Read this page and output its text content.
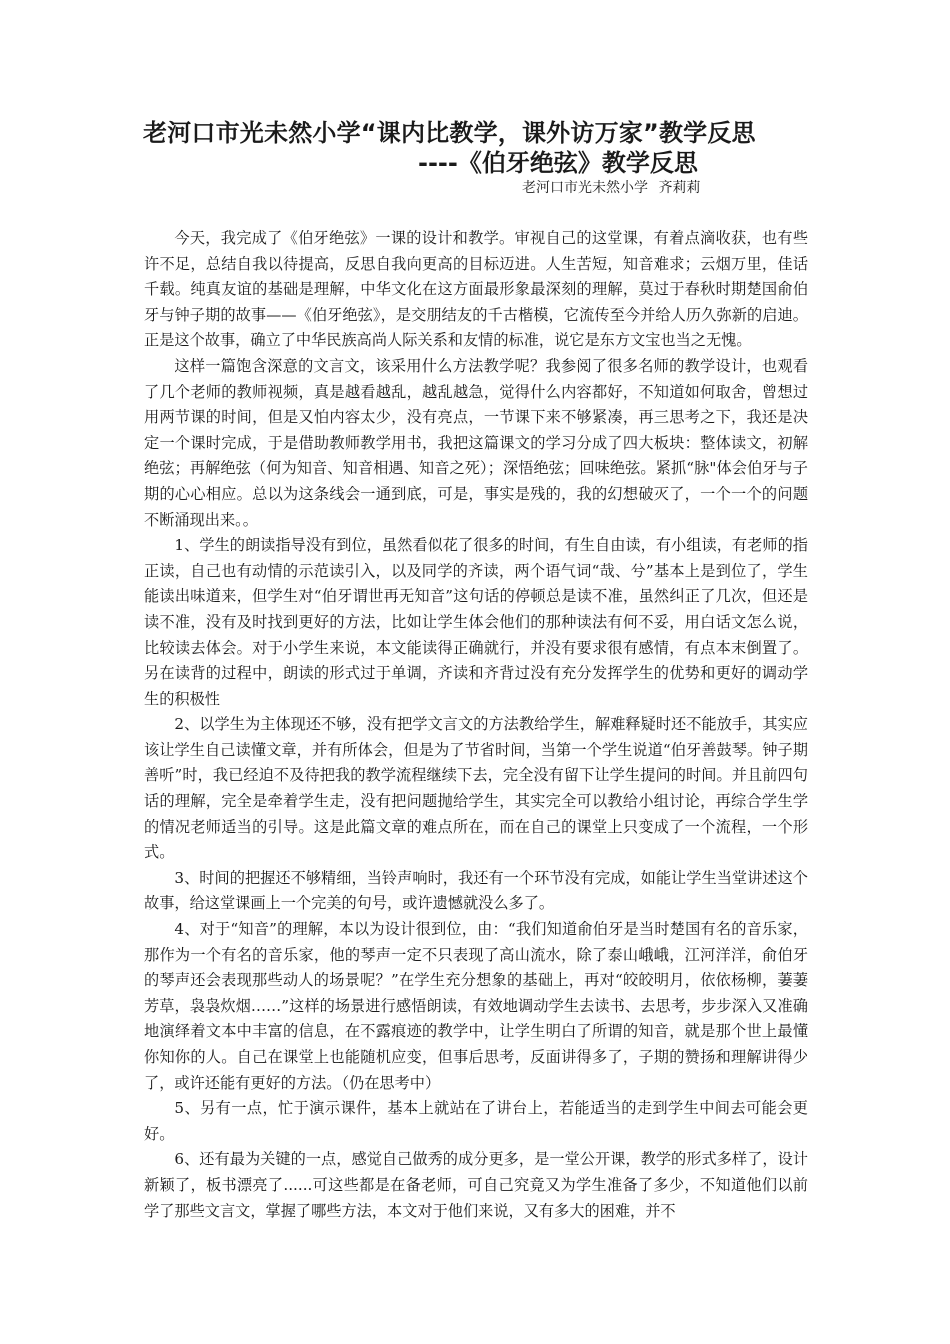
老河口市光未然小学“课内比教学，课外访万家”教学反思
----《伯牙绝弦》教学反思
老河口市光未然小学 齐莉莉

今天，我完成了《伯牙绝弦》一课的设计和教学。审视自己的这堂课，有着点滴收获，也有些许不足，总结自我以待提高，反思自我向更高的目标迈进。人生苦短，知音难求；云烟万里，佳话千载。纯真友谊的基础是理解，中华文化在这方面最形象最深刻的理解，莫过于春秋时期楚国俞伯牙与钟子期的故事——《伯牙绝弦》，是交朋结友的千古楷模，它流传至今并给人历久弥新的启迪。正是这个故事，确立了中华民族高尚人际关系和友情的标准，说它是东方文宝也当之无愧。

这样一篇饱含深意的文言文，该采用什么方法教学呢？我参阅了很多名师的教学设计，也观看了几个老师的教师视频，真是越看越乱，越乱越急，觉得什么内容都好，不知道如何取舍，曾想过用两节课的时间，但是又怕内容太少，没有亮点，一节课下来不够紧凑，再三思考之下，我还是决定一个课时完成，于是借助教师教学用书，我把这篇课文的学习分成了四大板块：整体读文，初解绝弦；再解绝弦（何为知音、知音相遇、知音之死）；深悟绝弦；回味绝弦。紧抓“脉"体会伯牙与子期的心心相应。总以为这条线会一通到底，可是，事实是残的，我的幻想破灭了，一个一个的问题不断涌现出来。。

1、学生的朗读指导没有到位，虽然看似花了很多的时间，有生自由读，有小组读，有老师的指正读，自己也有动情的示范读引入，以及同学的齐读，两个语气词“哉、兮”基本上是到位了，学生能读出味道来，但学生对“伯牙谓世再无知音”这句话的停顿总是读不准，虽然纠正了几次，但还是读不准，没有及时找到更好的方法，比如让学生体会他们的那种读法有何不妥，用白话文怎么说，比较读去体会。对于小学生来说，本文能读得正确就行，并没有要求很有感情，有点本末倒置了。另在读背的过程中，朗读的形式过于单调，齐读和齐背过没有充分发挥学生的优势和更好的调动学生的积极性

2、以学生为主体现还不够，没有把学文言文的方法教给学生，解难释疑时还不能放手，其实应该让学生自己读懂文章，并有所体会，但是为了节省时间，当第一个学生说道“伯牙善鼓琴。钟子期善听”时，我已经迫不及待把我的教学流程继续下去，完全没有留下让学生提问的时间。并且前四句话的理解，完全是牵着学生走，没有把问题抛给学生，其实完全可以教给小组讨论，再综合学生学的情况老师适当的引导。这是此篇文章的难点所在，而在自己的课堂上只变成了一个流程，一个形式。

3、时间的把握还不够精细，当铃声响时，我还有一个环节没有完成，如能让学生当堂讲述这个故事，给这堂课画上一个完美的句号，或许遗憾就没么多了。

4、对于“知音”的理解，本以为设计很到位，由：“我们知道俞伯牙是当时楚国有名的音乐家，那作为一个有名的音乐家，他的琴声一定不只表现了高山流水，除了泰山峨峨，江河洋洋，俞伯牙的琴声还会表现那些动人的场景呢？”在学生充分想象的基础上，再对“皎皎明月，依依杨柳，萋萋芳草，袅袅炊烟……”这样的场景进行感悟朗读，有效地调动学生去读书、去思考，步步深入又准确地演绎着文本中丰富的信息，在不露痕迹的教学中，让学生明白了所谓的知音，就是那个世上最懂你知你的人。自己在课堂上也能随机应变，但事后思考，反面讲得多了，子期的赞扬和理解讲得少了，或许还能有更好的方法。（仍在思考中）

5、另有一点，忙于演示课件，基本上就站在了讲台上，若能适当的走到学生中间去可能会更好。

6、还有最为关键的一点，感觉自己做秀的成分更多，是一堂公开课，教学的形式多样了，设计新颖了，板书漂亮了......可这些都是在备老师，可自己究竟又为学生准备了多少，不知道他们以前学了那些文言文，掌握了哪些方法，本文对于他们来说，又有多大的困难，并不
